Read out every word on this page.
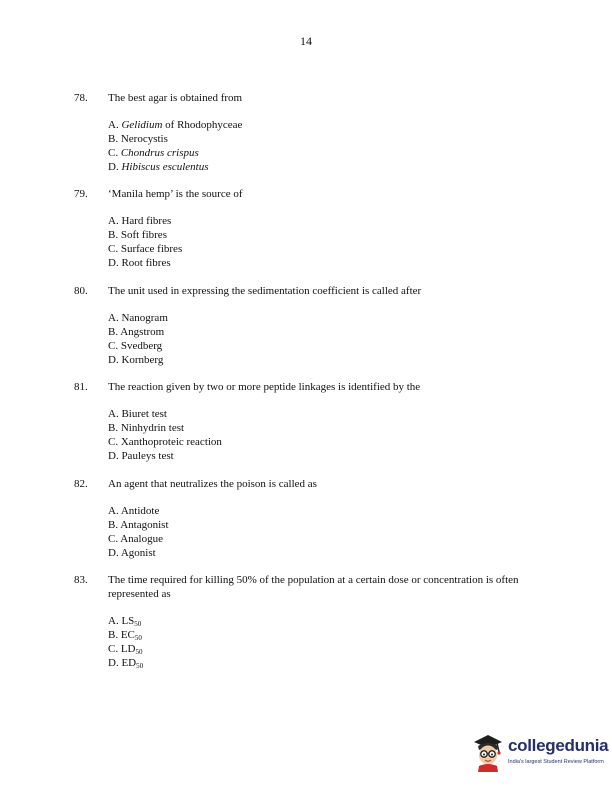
14
78. The best agar is obtained from
A. Gelidium of Rhodophyceae
B. Nerocystis
C. Chondrus crispus
D. Hibiscus esculentus
79. ‘Manila hemp’ is the source of
A. Hard fibres
B. Soft fibres
C. Surface fibres
D. Root fibres
80. The unit used in expressing the sedimentation coefficient is called after
A. Nanogram
B. Angstrom
C. Svedberg
D. Kornberg
81. The reaction given by two or more peptide linkages is identified by the
A. Biuret test
B. Ninhydrin test
C. Xanthoproteic reaction
D. Pauleys test
82. An agent that neutralizes the poison is called as
A. Antidote
B. Antagonist
C. Analogue
D. Agonist
83. The time required for killing 50% of the population at a certain dose or concentration is often represented as
A. $LS_{50}$
B. $EC_{50}$
C. $LD_{50}$
D. $ED_{50}$
collegedunia
India's largest Student Review Platform
